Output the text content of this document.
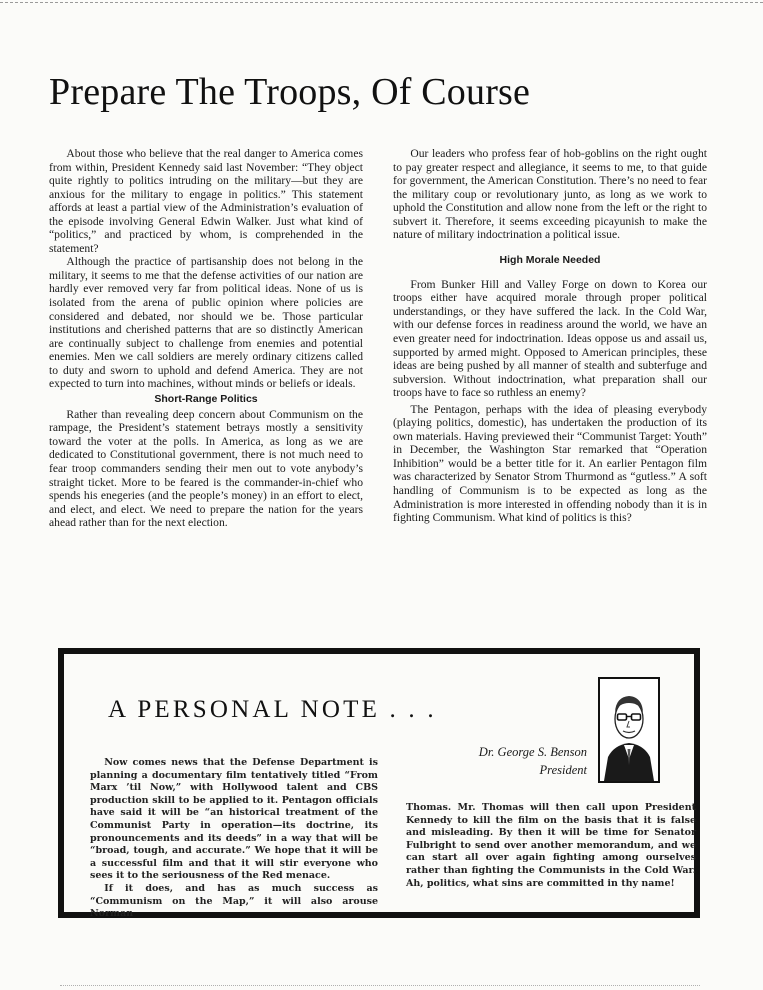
Prepare The Troops, Of Course

About those who believe that the real danger to America comes from within, President Kennedy said last November: “They object quite rightly to politics intruding on the military—but they are anxious for the military to engage in politics.” This statement affords at least a partial view of the Administration’s evaluation of the episode involving General Edwin Walker. Just what kind of “politics,” and practiced by whom, is comprehended in the statement?

Although the practice of partisanship does not belong in the military, it seems to me that the defense activities of our nation are hardly ever removed very far from political ideas. None of us is isolated from the arena of public opinion where policies are considered and debated, nor should we be. Those particular institutions and cherished patterns that are so distinctly American are continually subject to challenge from enemies and potential enemies. Men we call soldiers are merely ordinary citizens called to duty and sworn to uphold and defend America. They are not expected to turn into machines, without minds or beliefs or ideals.

Short-Range Politics

Rather than revealing deep concern about Communism on the rampage, the President’s statement betrays mostly a sensitivity toward the voter at the polls. In America, as long as we are dedicated to Constitutional government, there is not much need to fear troop commanders sending their men out to vote anybody’s straight ticket. More to be feared is the commander-in-chief who spends his enegeries (and the people’s money) in an effort to elect, and elect, and elect. We need to prepare the nation for the years ahead rather than for the next election.

Our leaders who profess fear of hob-goblins on the right ought to pay greater respect and allegiance, it seems to me, to that guide for government, the American Constitution. There’s no need to fear the military coup or revolutionary junto, as long as we work to uphold the Constitution and allow none from the left or the right to subvert it. Therefore, it seems exceeding picayunish to make the nature of military indoctrination a political issue.

High Morale Needed

From Bunker Hill and Valley Forge on down to Korea our troops either have acquired morale through proper political understandings, or they have suffered the lack. In the Cold War, with our defense forces in readiness around the world, we have an even greater need for indoctrination. Ideas oppose us and assail us, supported by armed might. Opposed to American principles, these ideas are being pushed by all manner of stealth and subterfuge and subversion. Without indoctrination, what preparation shall our troops have to face so ruthless an enemy?

The Pentagon, perhaps with the idea of pleasing everybody (playing politics, domestic), has undertaken the production of its own materials. Having previewed their “Communist Target: Youth” in December, the Washington Star remarked that “Operation Inhibition” would be a better title for it. An earlier Pentagon film was characterized by Senator Strom Thurmond as “gutless.” A soft handling of Communism is to be expected as long as the Administration is more interested in offending nobody than it is in fighting Communism. What kind of politics is this?

A PERSONAL NOTE . . .
Dr. George S. Benson
President

Now comes news that the Defense Department is planning a documentary film tentatively titled “From Marx ’til Now,” with Hollywood talent and CBS production skill to be applied to it. Pentagon officials have said it will be “an historical treatment of the Communist Party in operation—its doctrine, its pronouncements and its deeds” in a way that will be “broad, tough, and accurate.” We hope that it will be a successful film and that it will stir everyone who sees it to the seriousness of the Red menace.

If it does, and has as much success as “Communism on the Map,” it will also arouse Norman

Thomas. Mr. Thomas will then call upon President Kennedy to kill the film on the basis that it is false and misleading. By then it will be time for Senator Fulbright to send over another memorandum, and we can start all over again fighting among ourselves rather than fighting the Communists in the Cold War. Ah, politics, what sins are committed in thy name!
